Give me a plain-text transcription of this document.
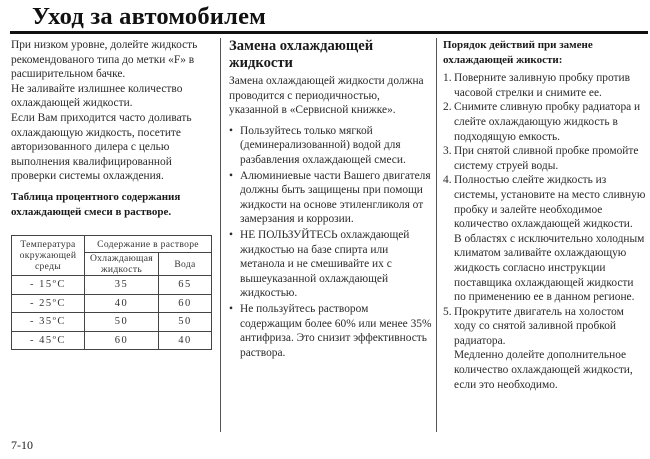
Уход за автомобилем

При низком уровне, долейте жидкость рекомендованого типа до метки «F» в расширительном бачке.

Не заливайте излишнее количество охлаждающей жидкости.

Если Вам приходится часто доливать охлаждающую жидкость, посетите авторизованного дилера с целью выполнения квалифицированной проверки системы охлаждения.

Таблица процентного содержания охлаждающей смеси в растворе.

Температура окружающей среды	Содержание в растворе	
	Охлаждающая жидкость	Вода
- 15ºC	35	65
- 25ºC	40	60
- 35ºC	50	50
- 45ºC	60	40

Замена охлаждающей жидкости

Замена охлаждающей жидкости должна проводится с периодичностью, указанной в «Сервисной книжке».

• Пользуйтесь только мягкой (деминерализованной) водой для разбавления охлаждающей смеси.
• Алюминиевые части Вашего двигателя должны быть защищены при помощи жидкости на основе этиленгликоля от замерзания и коррозии.
• НЕ ПОЛЬЗУЙТЕСЬ охлаждающей жидкостью на базе спирта или метанола и не смешивайте их с вышеуказанной охлаждающей жидкостью.
• Не пользуйтесь раствором содержащим более 60% или менее 35% антифриза. Это снизит эффективность раствора.

Порядок действий при замене охлаждающей жикости:

1. Поверните заливную пробку против часовой стрелки и снимите ее.
2. Снимите сливную пробку радиатора и слейте охлаждающую жидкость в подходящую емкость.
3. При снятой сливной пробке промойте систему струей воды.
4. Полностью слейте жидкость из системы, установите на место сливную пробку и залейте необходимое количество охлаждающей жидкости.

В областях с исключительно холодным климатом заливайте охлаждающую жидкость согласно инструкции поставщика охлаждающей жидкости по применению ее в данном регионе.

5. Прокрутите двигатель на холостом ходу со снятой заливной пробкой радиатора.

Медленно долейте дополнительное количество охлаждающей жидкости, если это необходимо.

7-10
